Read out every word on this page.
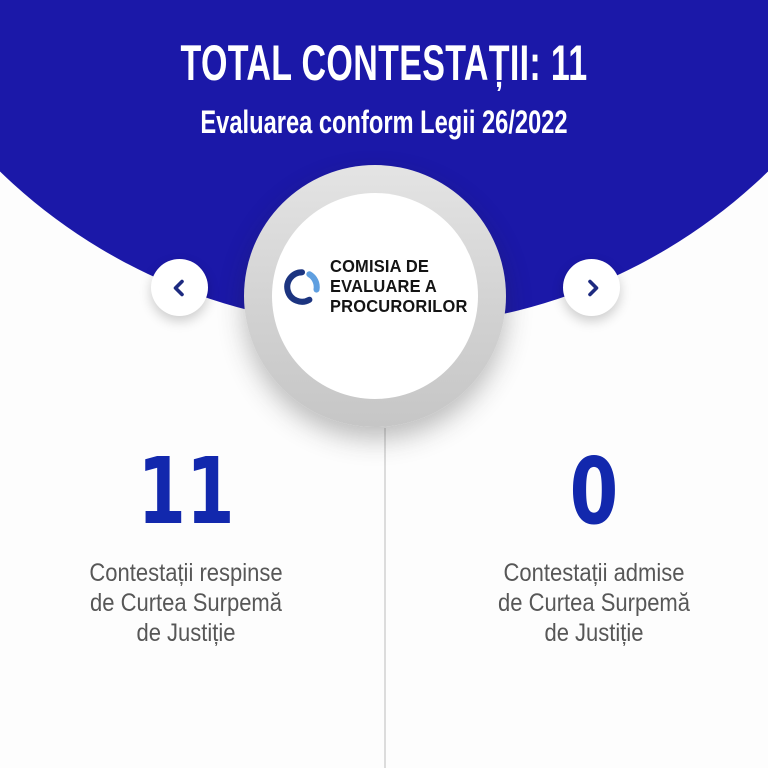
TOTAL CONTESTAȚII: 11
Evaluarea conform Legii 26/2022
COMISIA DE
EVALUARE A
PROCURORILOR
11
Contestații respinse
de Curtea Surpemă
de Justiție
0
Contestații admise
de Curtea Surpemă
de Justiție
